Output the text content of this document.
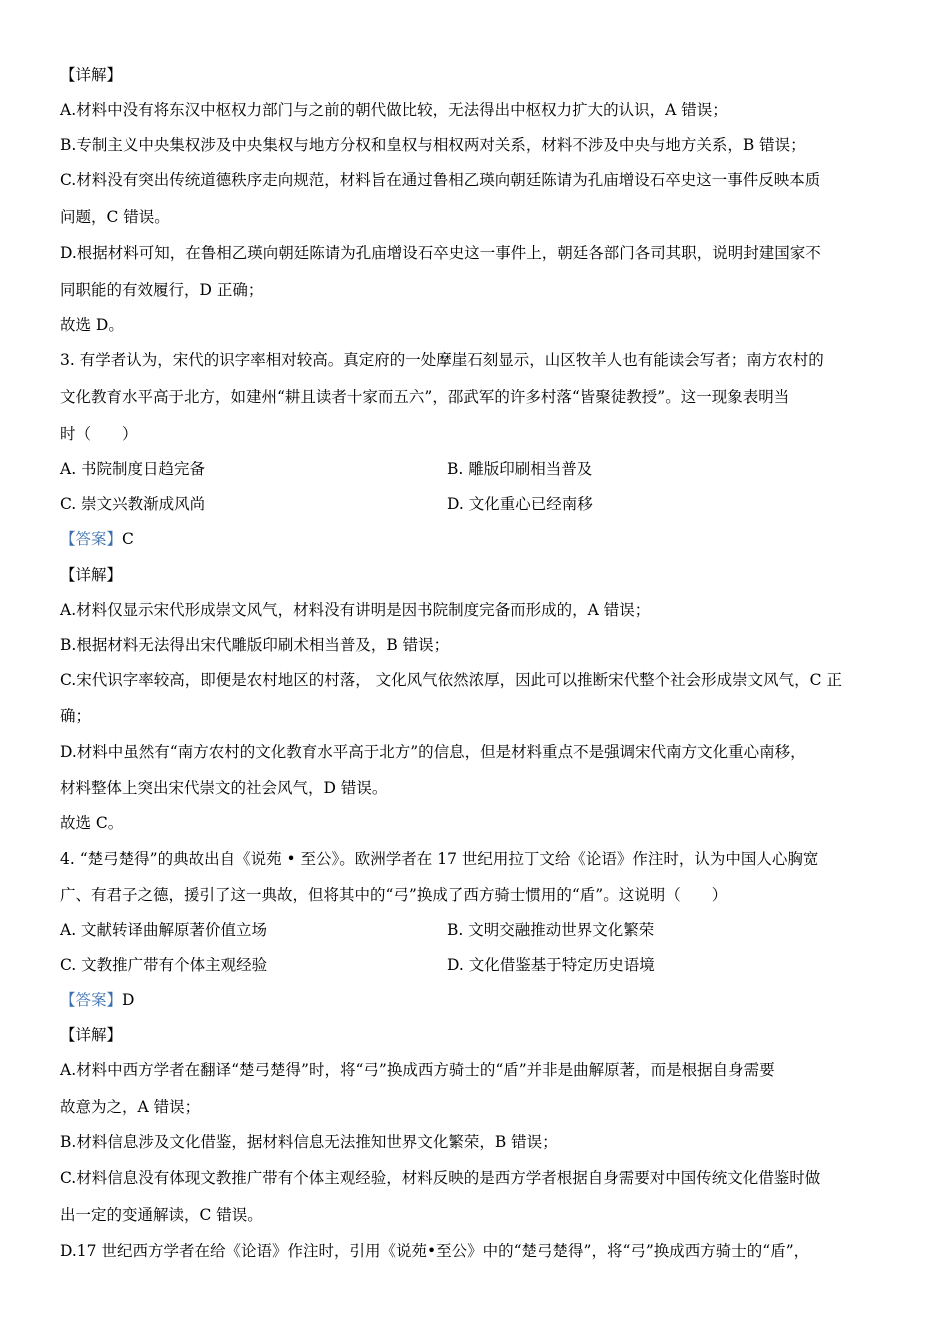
【详解】
A.材料中没有将东汉中枢权力部门与之前的朝代做比较，无法得出中枢权力扩大的认识，A 错误；
B.专制主义中央集权涉及中央集权与地方分权和皇权与相权两对关系，材料不涉及中央与地方关系，B 错误；
C.材料没有突出传统道德秩序走向规范，材料旨在通过鲁相乙瑛向朝廷陈请为孔庙增设石卒史这一事件反映本质
问题，C 错误。
D.根据材料可知，在鲁相乙瑛向朝廷陈请为孔庙增设石卒史这一事件上，朝廷各部门各司其职，说明封建国家不
同职能的有效履行，D 正确；
故选 D。
3. 有学者认为，宋代的识字率相对较高。真定府的一处摩崖石刻显示，山区牧羊人也有能读会写者；南方农村的
文化教育水平高于北方，如建州“耕且读者十家而五六”，邵武军的许多村落“皆聚徒教授”。这一现象表明当
时（　　）
A. 书院制度日趋完备	B. 雕版印刷相当普及
C. 崇文兴教渐成风尚	D. 文化重心已经南移
【答案】C
【详解】
A.材料仅显示宋代形成崇文风气，材料没有讲明是因书院制度完备而形成的，A 错误；
B.根据材料无法得出宋代雕版印刷术相当普及，B 错误；
C.宋代识字率较高，即便是农村地区的村落， 文化风气依然浓厚，因此可以推断宋代整个社会形成崇文风气，C 正
确；
D.材料中虽然有“南方农村的文化教育水平高于北方”的信息，但是材料重点不是强调宋代南方文化重心南移，
材料整体上突出宋代崇文的社会风气，D 错误。
故选 C。
4. “楚弓楚得”的典故出自《说苑 • 至公》。欧洲学者在 17 世纪用拉丁文给《论语》作注时，认为中国人心胸宽
广、有君子之德，援引了这一典故，但将其中的“弓”换成了西方骑士惯用的“盾”。这说明（　　）
A. 文献转译曲解原著价值立场	B. 文明交融推动世界文化繁荣
C. 文教推广带有个体主观经验	D. 文化借鉴基于特定历史语境
【答案】D
【详解】
A.材料中西方学者在翻译“楚弓楚得”时，将“弓”换成西方骑士的“盾”并非是曲解原著，而是根据自身需要
故意为之，A 错误；
B.材料信息涉及文化借鉴，据材料信息无法推知世界文化繁荣，B 错误；
C.材料信息没有体现文教推广带有个体主观经验，材料反映的是西方学者根据自身需要对中国传统文化借鉴时做
出一定的变通解读，C 错误。
D.17 世纪西方学者在给《论语》作注时，引用《说苑•至公》中的“楚弓楚得”，将“弓”换成西方骑士的“盾”，
